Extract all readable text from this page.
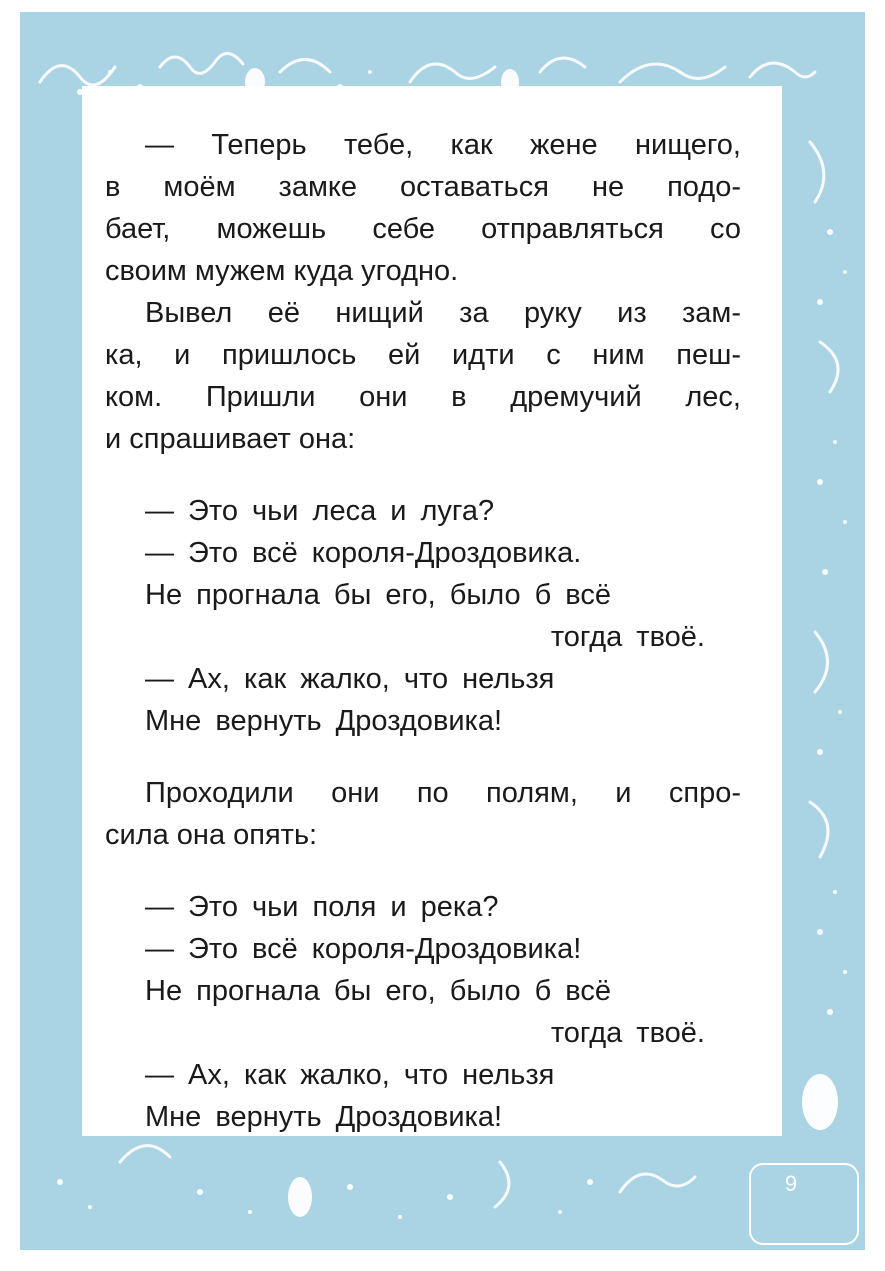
— Теперь тебе, как жене нищего,
в моём замке оставаться не подо-
бает, можешь себе отправляться со
своим мужем куда угодно.

Вывел её нищий за руку из зам-
ка, и пришлось ей идти с ним пеш-
ком. Пришли они в дремучий лес,
и спрашивает она:

— Это чьи леса и луга?
— Это всё короля-Дроздовика.
Не прогнала бы его, было б всё
тогда твоё.
— Ах, как жалко, что нельзя
Мне вернуть Дроздовика!

Проходили они по полям, и спро-
сила она опять:

— Это чьи поля и река?
— Это всё короля-Дроздовика!
Не прогнала бы его, было б всё
тогда твоё.
— Ах, как жалко, что нельзя
Мне вернуть Дроздовика!
9
